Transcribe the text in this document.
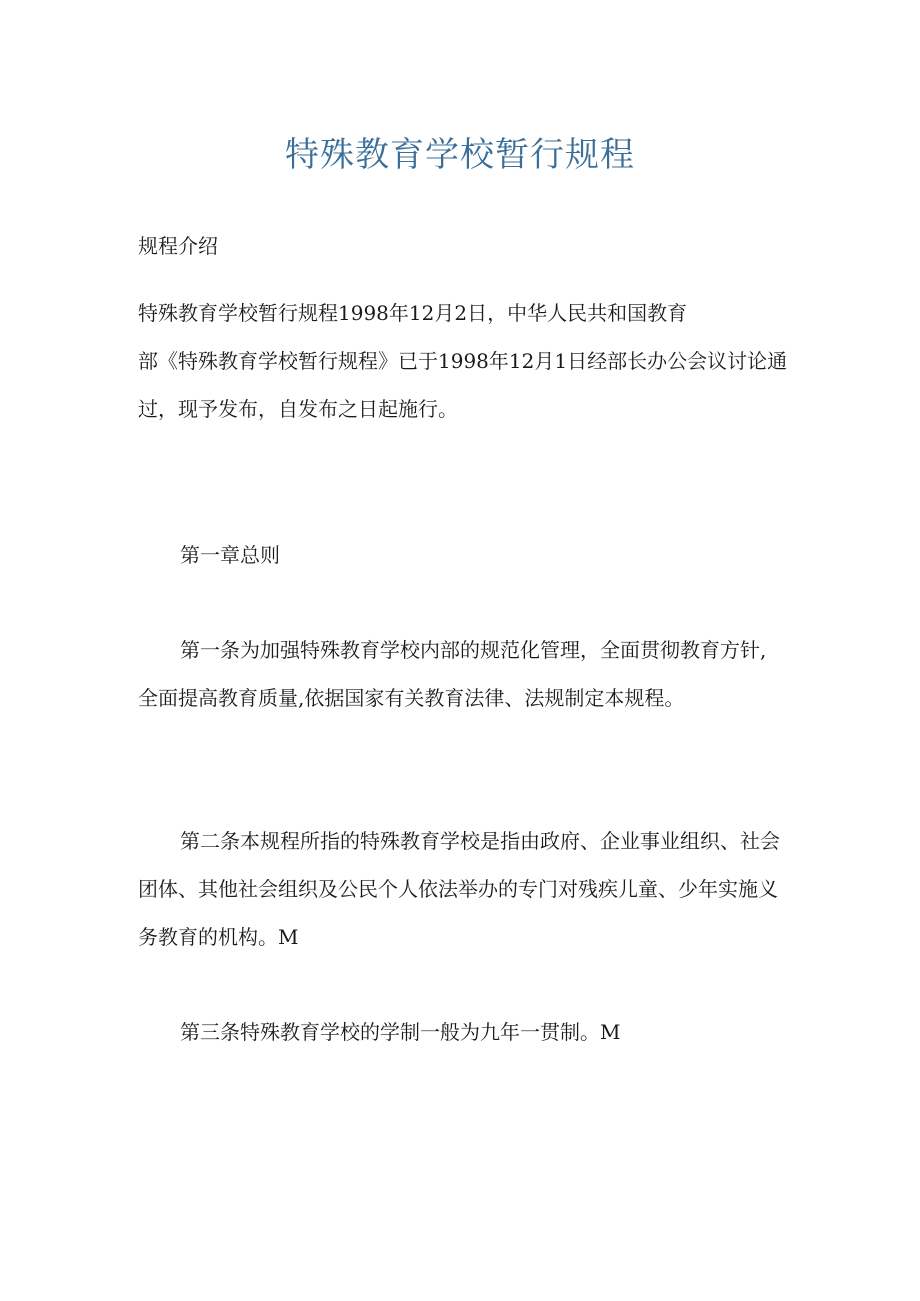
特殊教育学校暂行规程

规程介绍

特殊教育学校暂行规程1998年12月2日，中华人民共和国教育

部《特殊教育学校暂行规程》已于1998年12月1日经部长办公会议讨论通

过，现予发布，自发布之日起施行。

第一章总则

第一条为加强特殊教育学校内部的规范化管理，全面贯彻教育方针,

全面提高教育质量,依据国家有关教育法律、法规制定本规程。

第二条本规程所指的特殊教育学校是指由政府、企业事业组织、社会

团体、其他社会组织及公民个人依法举办的专门对残疾儿童、少年实施义

务教育的机构。M

第三条特殊教育学校的学制一般为九年一贯制。M
